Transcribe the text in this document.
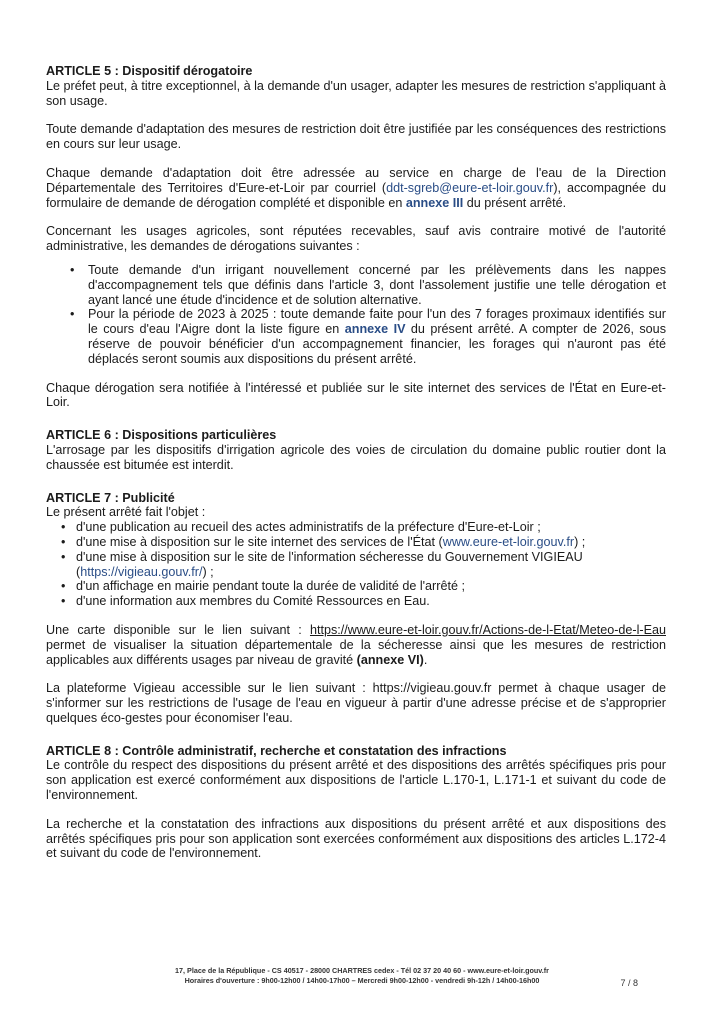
ARTICLE 5 : Dispositif dérogatoire

Le préfet peut, à titre exceptionnel, à la demande d'un usager, adapter les mesures de restriction s'appliquant à son usage.

Toute demande d'adaptation des mesures de restriction doit être justifiée par les conséquences des restrictions en cours sur leur usage.

Chaque demande d'adaptation doit être adressée au service en charge de l'eau de la Direction Départementale des Territoires d'Eure-et-Loir par courriel (ddt-sgreb@eure-et-loir.gouv.fr), accompagnée du formulaire de demande de dérogation complété et disponible en annexe III du présent arrêté.

Concernant les usages agricoles, sont réputées recevables, sauf avis contraire motivé de l'autorité administrative, les demandes de dérogations suivantes :

• Toute demande d'un irrigant nouvellement concerné par les prélèvements dans les nappes d'accompagnement tels que définis dans l'article 3, dont l'assolement justifie une telle dérogation et ayant lancé une étude d'incidence et de solution alternative.
• Pour la période de 2023 à 2025 : toute demande faite pour l'un des 7 forages proximaux identifiés sur le cours d'eau l'Aigre dont la liste figure en annexe IV du présent arrêté. A compter de 2026, sous réserve de pouvoir bénéficier d'un accompagnement financier, les forages qui n'auront pas été déplacés seront soumis aux dispositions du présent arrêté.

Chaque dérogation sera notifiée à l'intéressé et publiée sur le site internet des services de l'État en Eure-et-Loir.

ARTICLE 6 : Dispositions particulières

L'arrosage par les dispositifs d'irrigation agricole des voies de circulation du domaine public routier dont la chaussée est bitumée est interdit.

ARTICLE 7 : Publicité

Le présent arrêté fait l'objet :

• d'une publication au recueil des actes administratifs de la préfecture d'Eure-et-Loir ;
• d'une mise à disposition sur le site internet des services de l'État (www.eure-et-loir.gouv.fr) ;
• d'une mise à disposition sur le site de l'information sécheresse du Gouvernement VIGIEAU (https://vigieau.gouv.fr/) ;
• d'un affichage en mairie pendant toute la durée de validité de l'arrêté ;
• d'une information aux membres du Comité Ressources en Eau.

Une carte disponible sur le lien suivant : https://www.eure-et-loir.gouv.fr/Actions-de-l-Etat/Meteo-de-l-Eau permet de visualiser la situation départementale de la sécheresse ainsi que les mesures de restriction applicables aux différents usages par niveau de gravité (annexe VI).

La plateforme Vigieau accessible sur le lien suivant : https://vigieau.gouv.fr permet à chaque usager de s'informer sur les restrictions de l'usage de l'eau en vigueur à partir d'une adresse précise et de s'approprier quelques éco-gestes pour économiser l'eau.

ARTICLE 8 : Contrôle administratif, recherche et constatation des infractions

Le contrôle du respect des dispositions du présent arrêté et des dispositions des arrêtés spécifiques pris pour son application est exercé conformément aux dispositions de l'article L.170-1, L.171-1 et suivant du code de l'environnement.

La recherche et la constatation des infractions aux dispositions du présent arrêté et aux dispositions des arrêtés spécifiques pris pour son application sont exercées conformément aux dispositions des articles L.172-4 et suivant du code de l'environnement.

17, Place de la République - CS 40517 - 28000 CHARTRES cedex - Tél 02 37 20 40 60 - www.eure-et-loir.gouv.fr
Horaires d'ouverture : 9h00-12h00 / 14h00-17h00 – Mercredi 9h00-12h00 - vendredi 9h-12h / 14h00-16h00	7 / 8
